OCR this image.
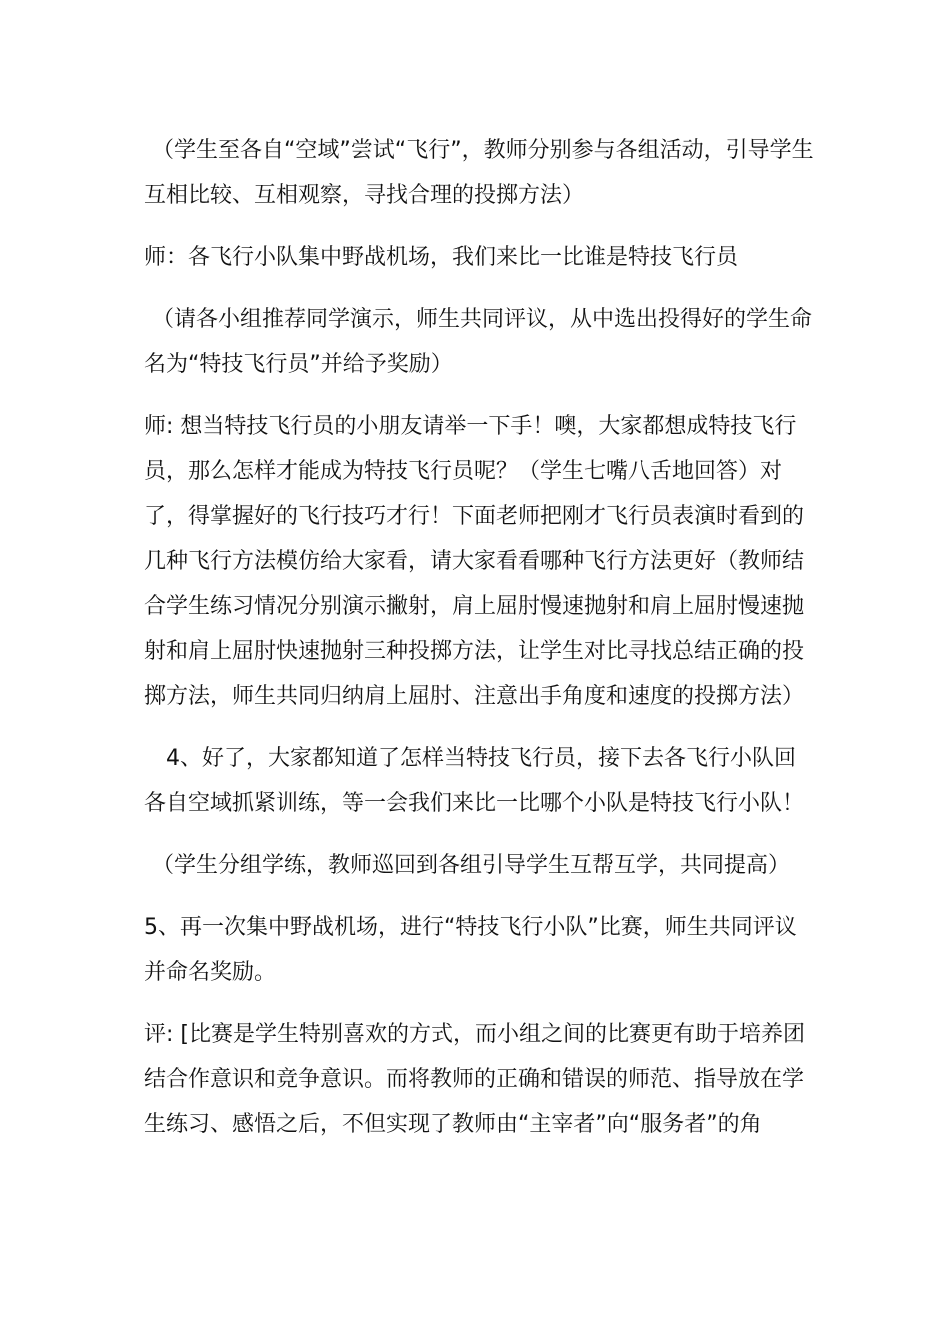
（学生至各自“空域”尝试“飞行”，教师分别参与各组活动，引导学生互相比较、互相观察，寻找合理的投掷方法）

师：各飞行小队集中野战机场，我们来比一比谁是特技飞行员

（请各小组推荐同学演示，师生共同评议，从中选出投得好的学生命名为“特技飞行员”并给予奖励）

师: 想当特技飞行员的小朋友请举一下手！噢，大家都想成特技飞行员，那么怎样才能成为特技飞行员呢？（学生七嘴八舌地回答）对了，得掌握好的飞行技巧才行！下面老师把刚才飞行员表演时看到的几种飞行方法模仿给大家看，请大家看看哪种飞行方法更好（教师结合学生练习情况分别演示撇射，肩上屈肘慢速抛射和肩上屈肘慢速抛射和肩上屈肘快速抛射三种投掷方法，让学生对比寻找总结正确的投掷方法，师生共同归纳肩上屈肘、注意出手角度和速度的投掷方法）

4、好了，大家都知道了怎样当特技飞行员，接下去各飞行小队回各自空域抓紧训练，等一会我们来比一比哪个小队是特技飞行小队！

（学生分组学练，教师巡回到各组引导学生互帮互学，共同提高）

5、再一次集中野战机场，进行“特技飞行小队”比赛，师生共同评议并命名奖励。

评: [比赛是学生特别喜欢的方式，而小组之间的比赛更有助于培养团结合作意识和竞争意识。而将教师的正确和错误的师范、指导放在学生练习、感悟之后，不但实现了教师由“主宰者”向“服务者”的角
